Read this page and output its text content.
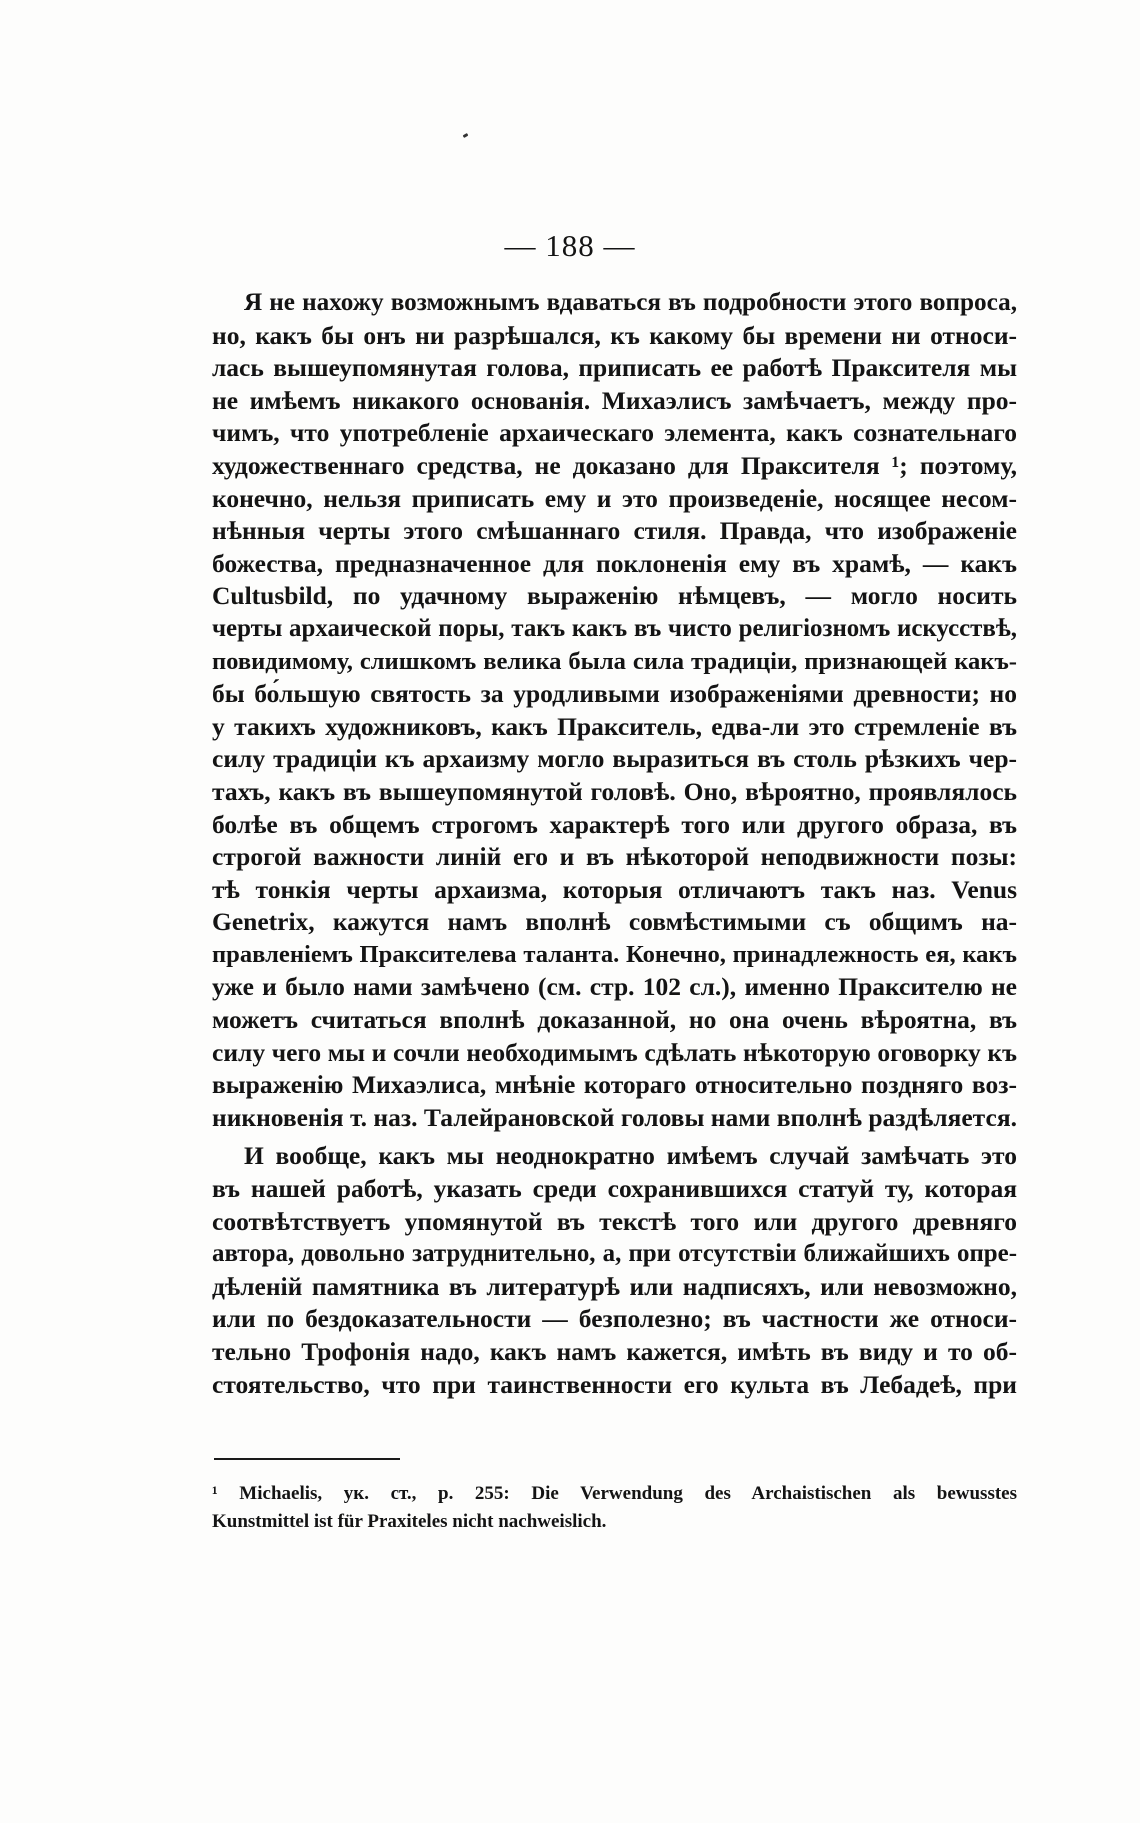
— 188 —
Я не нахожу возможнымъ вдаваться въ подробности этого вопроса,
но, какъ бы онъ ни разрѣшался, къ какому бы времени ни относи-
лась вышеупомянутая голова, приписать ее работѣ Праксителя мы
не имѣемъ никакого основанія. Михаэлисъ замѣчаетъ, между про-
чимъ, что употребленіе архаическаго элемента, какъ сознательнаго
художественнаго средства, не доказано для Праксителя ¹; поэтому,
конечно, нельзя приписать ему и это произведеніе, носящее несом-
нѣнныя черты этого смѣшаннаго стиля. Правда, что изображеніе
божества, предназначенное для поклоненія ему въ храмѣ, — какъ
Cultusbild, по удачному выраженію нѣмцевъ, — могло носить
черты архаической поры, такъ какъ въ чисто религіозномъ искусствѣ,
повидимому, слишкомъ велика была сила традиціи, признающей какъ-
бы бо́льшую святость за уродливыми изображеніями древности; но
у такихъ художниковъ, какъ Пракситель, едва-ли это стремленіе въ
силу традиціи къ архаизму могло выразиться въ столь рѣзкихъ чер-
тахъ, какъ въ вышеупомянутой головѣ. Оно, вѣроятно, проявлялось
болѣе въ общемъ строгомъ характерѣ того или другого образа, въ
строгой важности линій его и въ нѣкоторой неподвижности позы:
тѣ тонкія черты архаизма, которыя отличаютъ такъ наз. Venus
Genetrix, кажутся намъ вполнѣ совмѣстимыми съ общимъ на-
правленіемъ Праксителева таланта. Конечно, принадлежность ея, какъ
уже и было нами замѣчено (см. стр. 102 сл.), именно Праксителю не
можетъ считаться вполнѣ доказанной, но она очень вѣроятна, въ
силу чего мы и сочли необходимымъ сдѣлать нѣкоторую оговорку къ
выраженію Михаэлиса, мнѣніе котораго относительно поздняго воз-
никновенія т. наз. Талейрановской головы нами вполнѣ раздѣляется.
И вообще, какъ мы неоднократно имѣемъ случай замѣчать это
въ нашей работѣ, указать среди сохранившихся статуй ту, которая
соотвѣтствуетъ упомянутой въ текстѣ того или другого древняго
автора, довольно затруднительно, а, при отсутствіи ближайшихъ опре-
дѣленій памятника въ литературѣ или надписяхъ, или невозможно,
или по бездоказательности — безполезно; въ частности же относи-
тельно Трофонія надо, какъ намъ кажется, имѣть въ виду и то об-
стоятельство, что при таинственности его культа въ Лебадеѣ, при
¹ Michaelis, ук. ст., p. 255: Die Verwendung des Archaistischen als bewusstes
Kunstmittel ist für Praxiteles nicht nachweislich.
